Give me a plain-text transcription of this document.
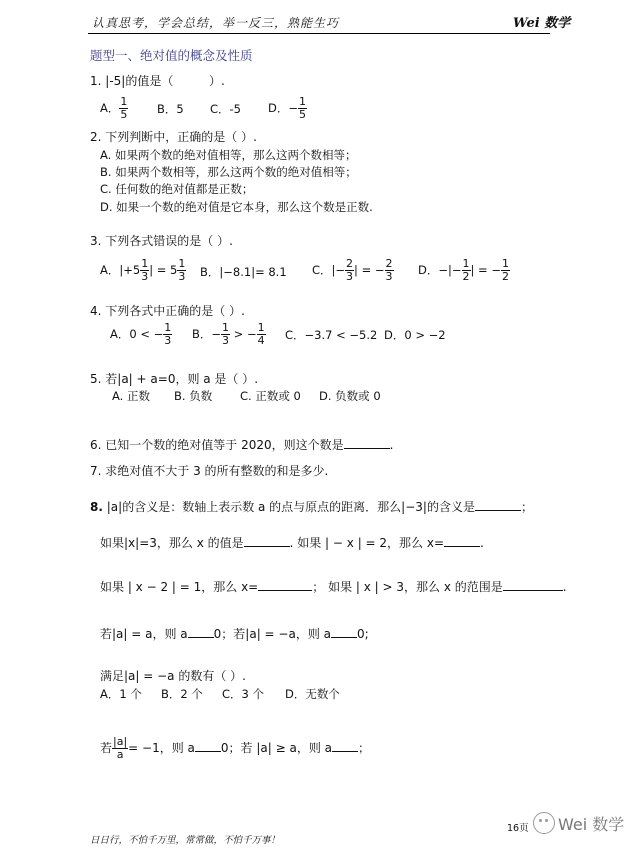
认真思考，学会总结，举一反三，熟能生巧	Wei 数学
题型一、绝对值的概念及性质
1. |-5|的值是（	）.
A． $\frac{1}{5}$ B．5 C．-5 D．− $\frac{1}{5}$
2. 下列判断中，正确的是（ ）.
A. 如果两个数的绝对值相等，那么这两个数相等；
B. 如果两个数相等，那么这两个数的绝对值相等；
C. 任何数的绝对值都是正数；
D. 如果一个数的绝对值是它本身，那么这个数是正数.
3. 下列各式错误的是（ ）.
A．$|+5 \frac{1}{3}$ | = $5 \frac{1}{3}$ B．|−8.1|= 8.1 C．|− $\frac{2}{3}$ | = − $\frac{2}{3}$ D．−|− $\frac{1}{2}$ | = − $\frac{1}{2}$
4. 下列各式中正确的是（ ）.
A．0 < − $\frac{1}{3}$ B．− $\frac{1}{3}$ > − $\frac{1}{4}$ C．−3.7 < −5.2 D．0 > −2
5. 若|a| + a=0，则 a 是（ ）.
A. 正数 B. 负数 C. 正数或 0 D. 负数或 0
6. 已知一个数的绝对值等于 2020，则这个数是	.
7. 求绝对值不大于 3 的所有整数的和是多少.
8. |a|的含义是：数轴上表示数 a 的点与原点的距离．那么|−3|的含义是	；
如果|x|=3，那么 x 的值是	. 如果 | − x | = 2，那么 x=	.
如果 | x − 2 | = 1，那么 x=	； 如果 | x | > 3，那么 x 的范围是	.
若|a| = a，则 a 0；若|a| = −a，则 a 0;
满足|a| = −a 的数有（ ）.
A．1 个 B．2 个 C．3 个 D．无数个
若 $\frac{|a|}{a} = -1$，则 a 0；若 |a| ≥ a，则 a ；
日日行，不怕千万里，常常做，不怕千万事！
16页 Wei 数学
